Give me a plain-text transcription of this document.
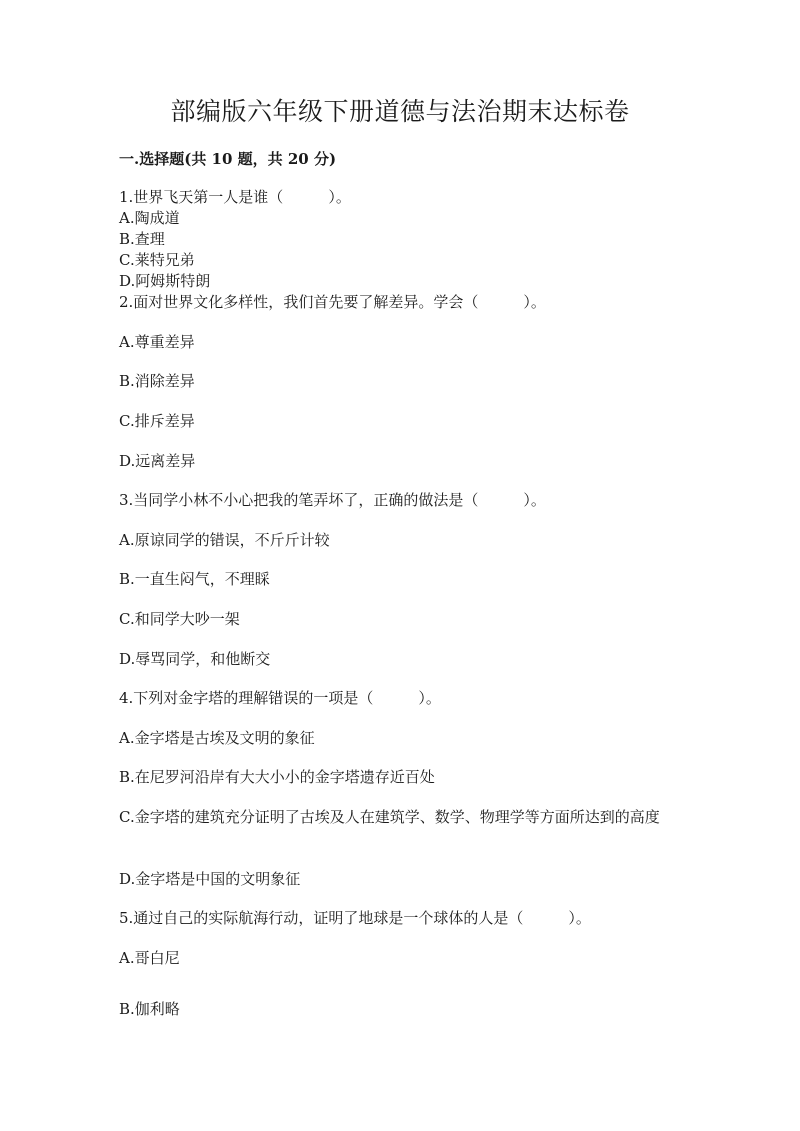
部编版六年级下册道德与法治期末达标卷
一.选择题(共 10 题，共 20 分)
1.世界飞天第一人是谁（　　　）。
A.陶成道
B.查理
C.莱特兄弟
D.阿姆斯特朗
2.面对世界文化多样性，我们首先要了解差异。学会（　　　）。
A.尊重差异
B.消除差异
C.排斥差异
D.远离差异
3.当同学小林不小心把我的笔弄坏了，正确的做法是（　　　）。
A.原谅同学的错误，不斤斤计较
B.一直生闷气，不理睬
C.和同学大吵一架
D.辱骂同学，和他断交
4.下列对金字塔的理解错误的一项是（　　　）。
A.金字塔是古埃及文明的象征
B.在尼罗河沿岸有大大小小的金字塔遗存近百处
C.金字塔的建筑充分证明了古埃及人在建筑学、数学、物理学等方面所达到的高度
D.金字塔是中国的文明象征
5.通过自己的实际航海行动，证明了地球是一个球体的人是（　　　）。
A.哥白尼
B.伽利略
